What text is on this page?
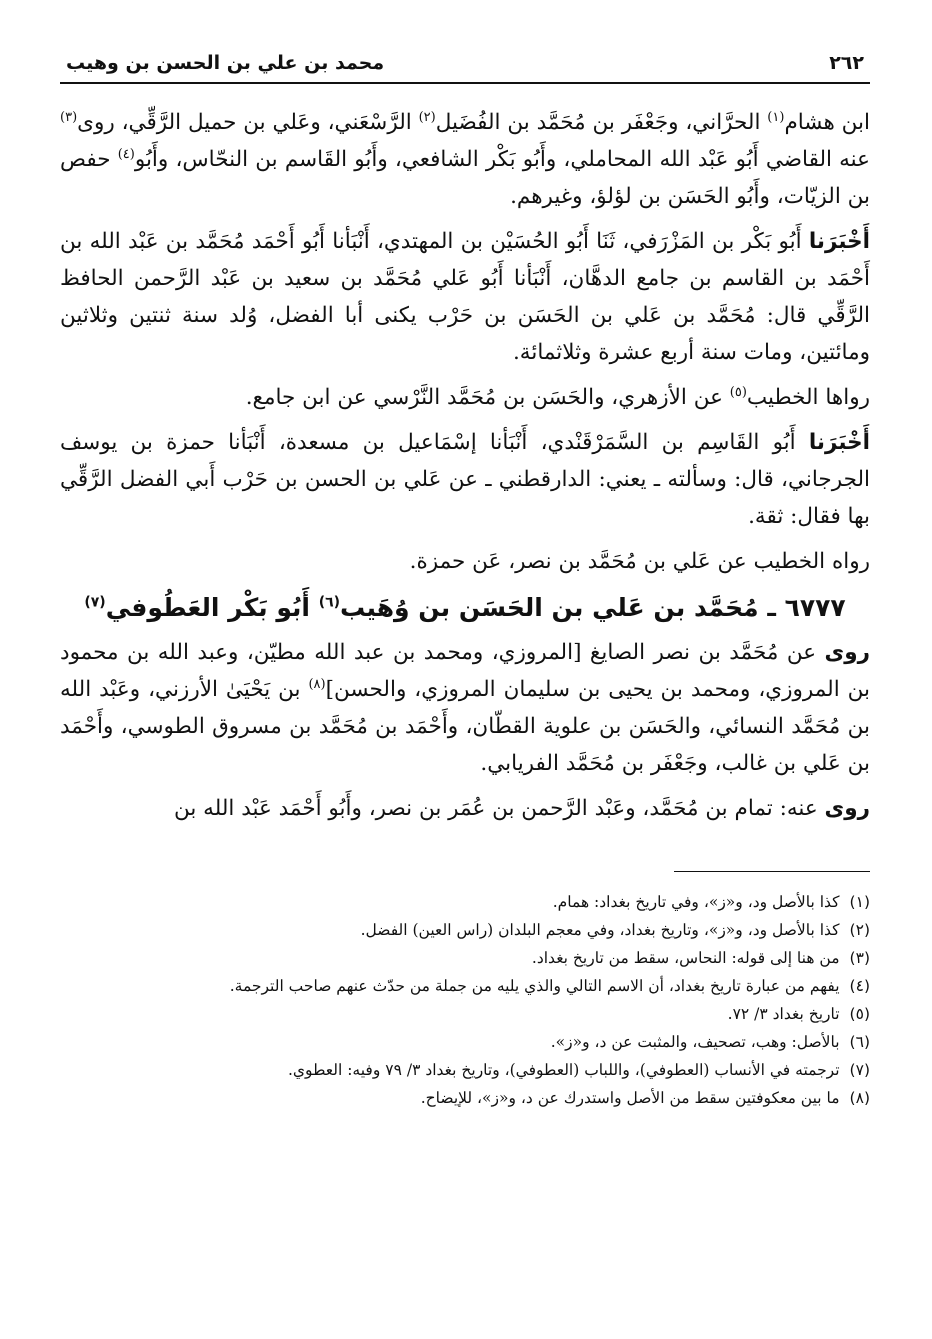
٢٦٢
محمد بن علي بن الحسن بن وهيب

ابن هشام$^{(١)}$ الحرَّاني، وجَعْفَر بن مُحَمَّد بن الفُضَيل$^{(٢)}$ الرَّسْعَني، وعَلي بن حميل الرَّقِّي، روى$^{(٣)}$ عنه القاضي أَبُو عَبْد الله المحاملي، وأَبُو بَكْر الشافعي، وأَبُو القَاسم بن النحّاس، وأَبُو$^{(٤)}$ حفص بن الزيّات، وأَبُو الحَسَن بن لؤلؤ، وغيرهم.

أَخْبَرَنا أَبُو بَكْر بن المَزْرَفي، ثَنَا أَبُو الحُسَيْن بن المهتدي، أَنْبَأنا أَبُو أَحْمَد مُحَمَّد بن عَبْد الله بن أَحْمَد بن القاسم بن جامع الدهَّان، أَنْبَأنا أَبُو عَلي مُحَمَّد بن سعيد بن عَبْد الرَّحمن الحافظ الرَّقِّي قال: مُحَمَّد بن عَلي بن الحَسَن بن حَرْب يكنى أبا الفضل، وُلد سنة ثنتين وثلاثين ومائتين، ومات سنة أربع عشرة وثلاثمائة.

رواها الخطيب$^{(٥)}$ عن الأزهري، والحَسَن بن مُحَمَّد النَّرْسي عن ابن جامع.

أَخْبَرَنا أَبُو القَاسِم بن السَّمَرْقَنْدي، أَنْبَأنا إسْمَاعيل بن مسعدة، أَنْبَأنا حمزة بن يوسف الجرجاني، قال: وسألته ـ يعني: الدارقطني ـ عن عَلي بن الحسن بن حَرْب أَبي الفضل الرَّقِّي بها فقال: ثقة.

رواه الخطيب عن عَلي بن مُحَمَّد بن نصر، عَن حمزة.

٦٧٧٧ ـ مُحَمَّد بن عَلي بن الحَسَن بن وُهَيب$^{(٦)}$ أَبُو بَكْر العَطُوفي$^{(٧)}$

روى عن مُحَمَّد بن نصر الصايغ [المروزي، ومحمد بن عبد الله مطيّن، وعبد الله بن محمود بن المروزي، ومحمد بن يحيى بن سليمان المروزي، والحسن]$^{(٨)}$ بن يَحْيَىٰ الأرزني، وعَبْد الله بن مُحَمَّد النسائي، والحَسَن بن علوية القطّان، وأَحْمَد بن مُحَمَّد بن مسروق الطوسي، وأَحْمَد بن عَلي بن غالب، وجَعْفَر بن مُحَمَّد الفريابي.

روى عنه: تمام بن مُحَمَّد، وعَبْد الرَّحمن بن عُمَر بن نصر، وأَبُو أَحْمَد عَبْد الله بن

(١)
كذا بالأصل ود، و«ز»، وفي تاريخ بغداد: همام.
(٢)
كذا بالأصل ود، و«ز»، وتاريخ بغداد، وفي معجم البلدان (راس العين) الفضل.
(٣)
من هنا إلى قوله: النحاس، سقط من تاريخ بغداد.
(٤)
يفهم من عبارة تاريخ بغداد، أن الاسم التالي والذي يليه من جملة من حدّث عنهم صاحب الترجمة.
(٥)
تاريخ بغداد ٣/ ٧٢.
(٦)
بالأصل: وهب، تصحيف، والمثبت عن د، و«ز».
(٧)
ترجمته في الأنساب (العطوفي)، واللباب (العطوفي)، وتاريخ بغداد ٣/ ٧٩ وفيه: العطوي.
(٨)
ما بين معكوفتين سقط من الأصل واستدرك عن د، و«ز»، للإيضاح.
